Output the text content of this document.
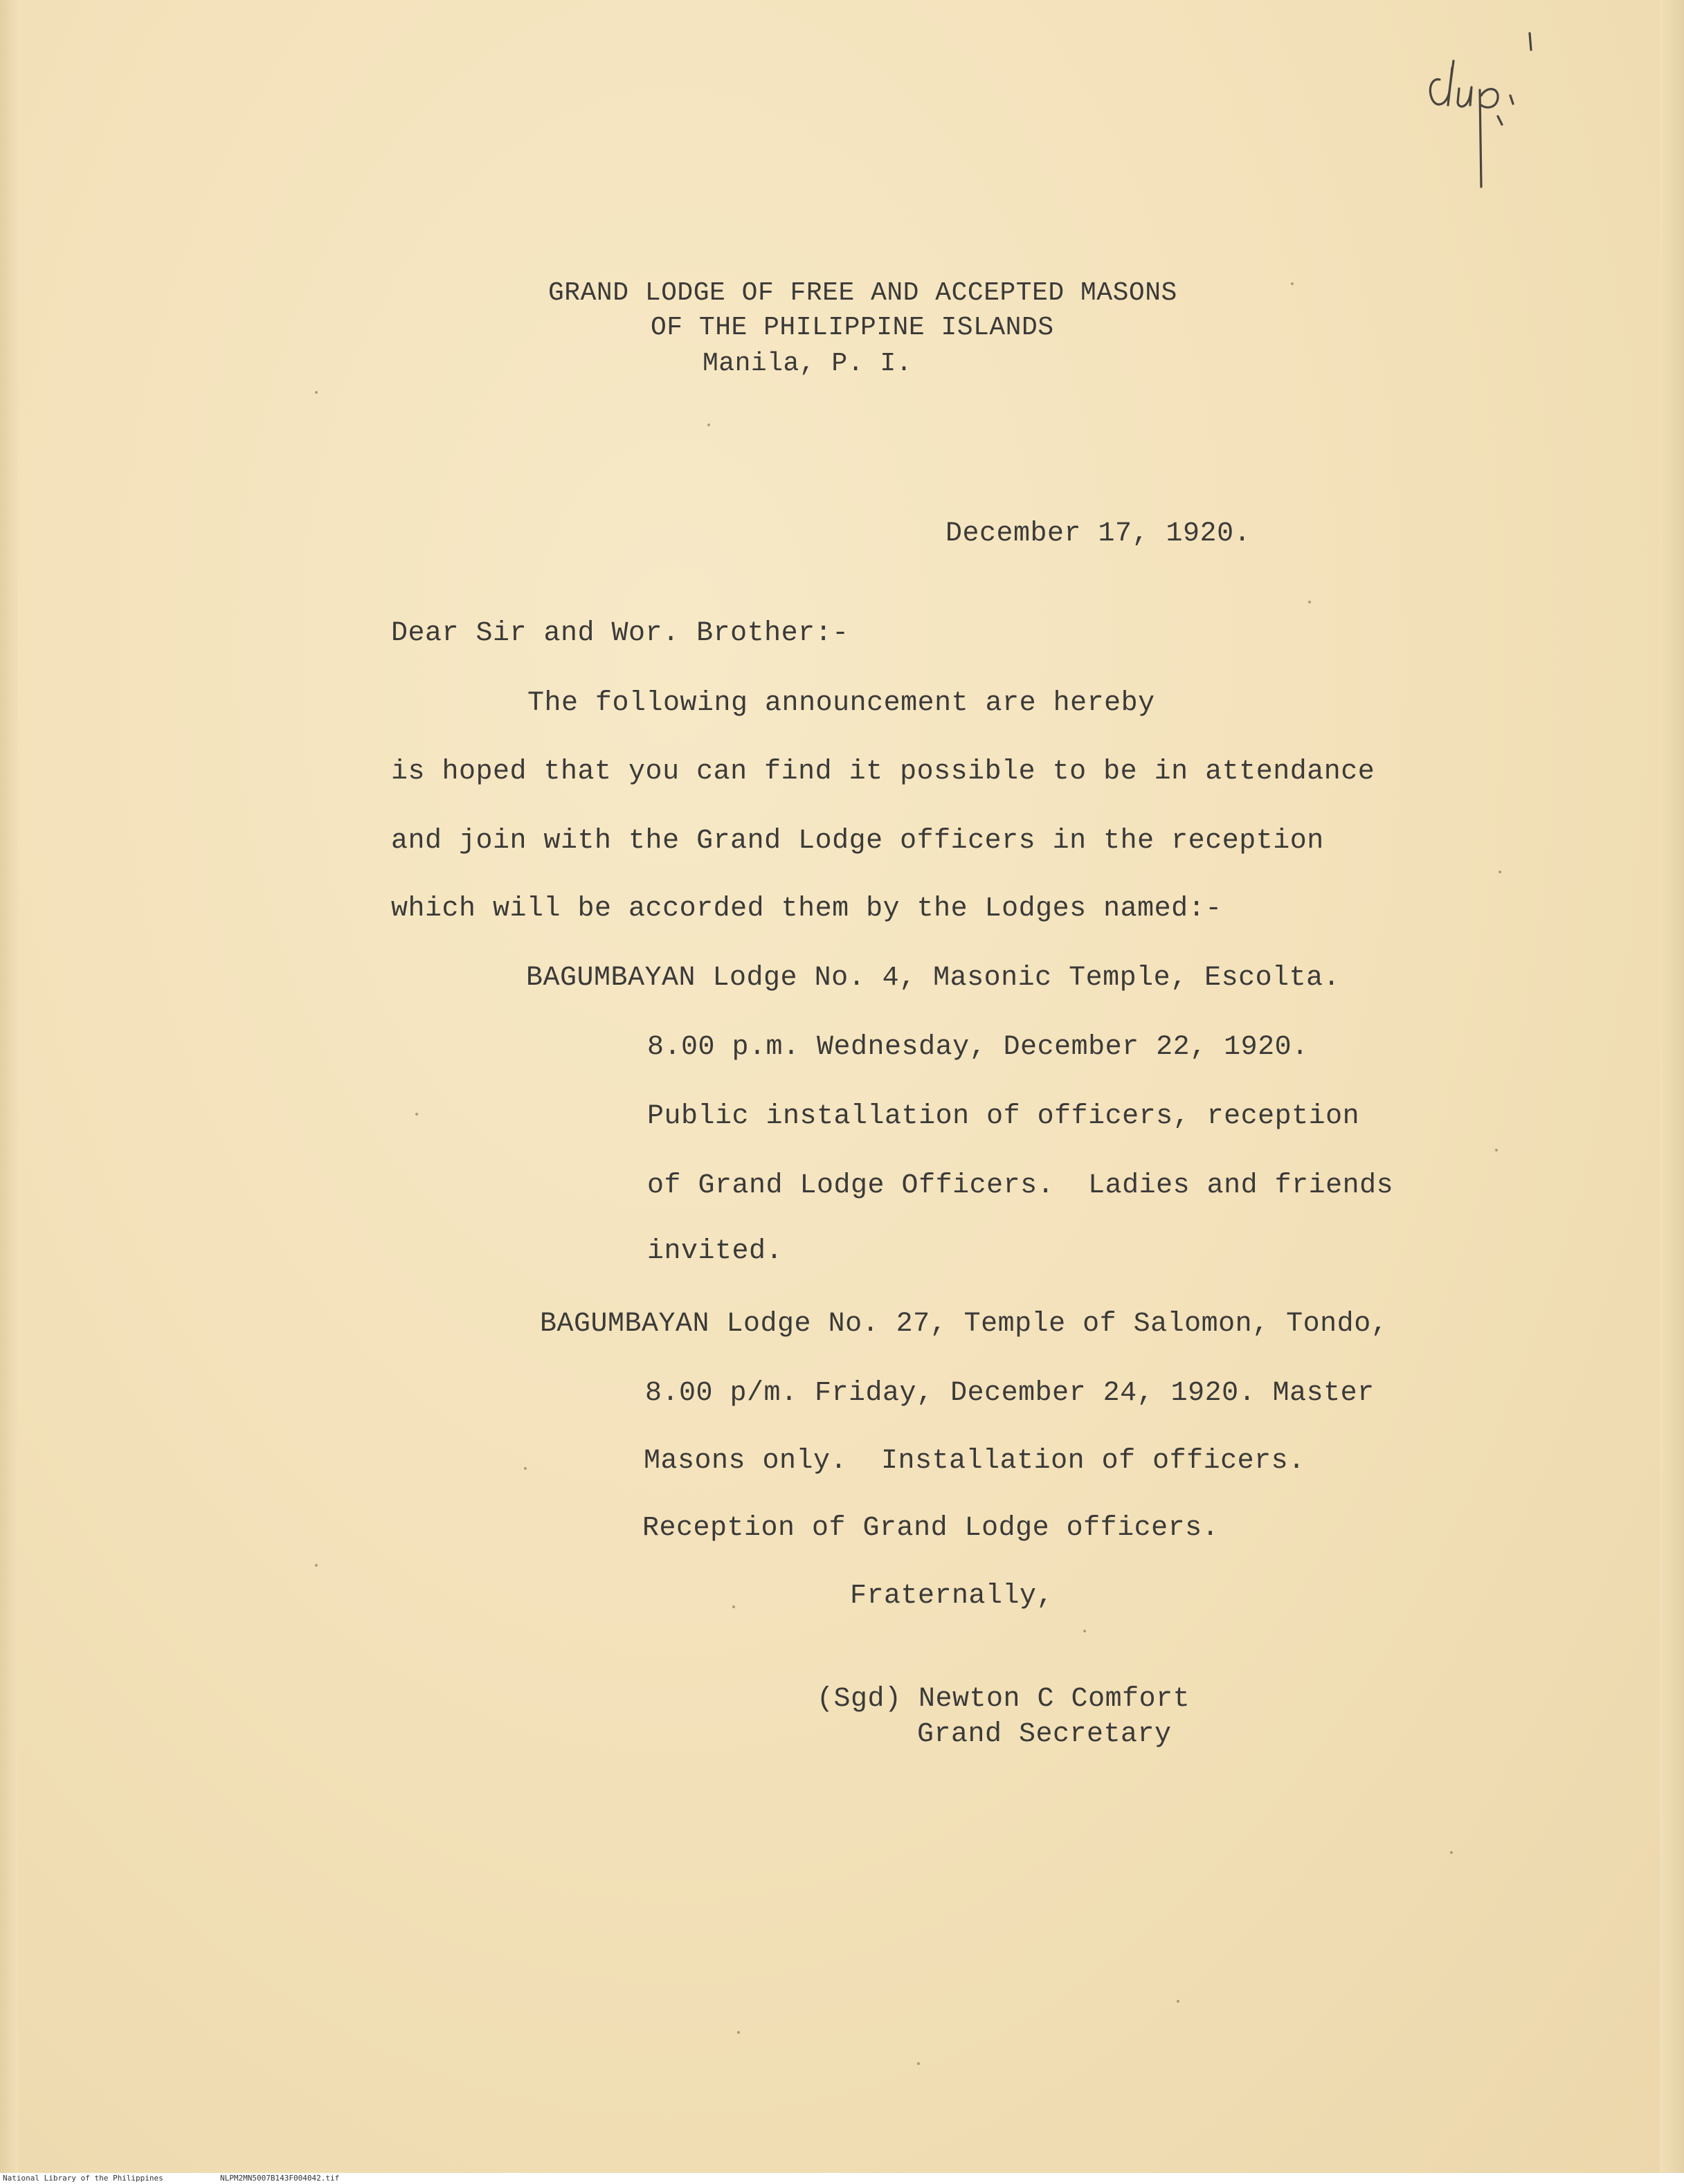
GRAND LODGE OF FREE AND ACCEPTED MASONS
OF THE PHILIPPINE ISLANDS
Manila, P. I.
December 17, 1920.
Dear Sir and Wor. Brother:-
The following announcement are hereby
is hoped that you can find it possible to be in attendance
and join with the Grand Lodge officers in the reception
which will be accorded them by the Lodges named:-
BAGUMBAYAN Lodge No. 4, Masonic Temple, Escolta.
8.00 p.m. Wednesday, December 22, 1920.
Public installation of officers, reception
of Grand Lodge Officers.  Ladies and friends
invited.
BAGUMBAYAN Lodge No. 27, Temple of Salomon, Tondo,
8.00 p/m. Friday, December 24, 1920. Master
Masons only.  Installation of officers.
Reception of Grand Lodge officers.
Fraternally,
(Sgd) Newton C Comfort
Grand Secretary
National Library of the Philippines	NLPM2MN5007B143F004042.tif
